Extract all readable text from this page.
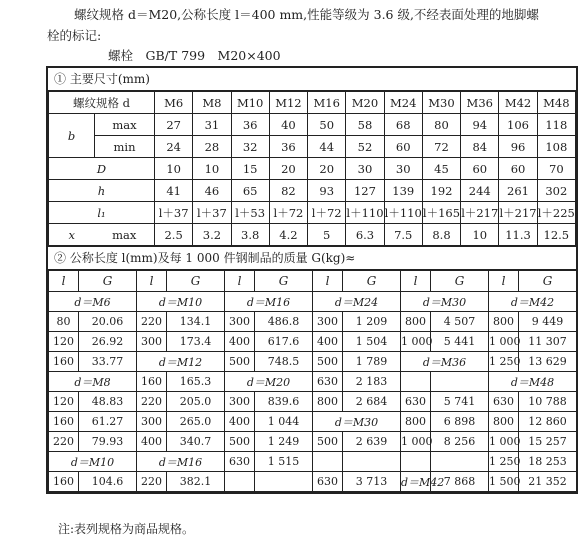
螺纹规格 d＝M20,公称长度 l＝400 mm,性能等级为 3.6 级,不经表面处理的地脚螺

栓的标记:

螺栓　GB/T 799　M20×400
① 主要尺寸(mm)
螺纹规格 d		M6	M8	M10	M12	M16	M20	M24	M30	M36	M42	M48
b	max	27	31	36	40	50	58	68	80	94	106	118
	min	24	28	32	36	44	52	60	72	84	96	108
D		10	10	15	20	20	30	30	45	60	60	70
h		41	46	65	82	93	127	139	192	244	261	302
l₁		l＋37	l＋37	l＋53	l＋72	l＋72	l＋110	l＋110	l＋165	l＋217	l＋217	l＋225
x	max	2.5	3.2	3.8	4.2	5	6.3	7.5	8.8	10	11.3	12.5
② 公称长度 l(mm)及每 1 000 件钢制品的质量 G(kg)≈
l	G	l	G	l	G	l	G	l	G	l	G
d＝M6		d＝M10		d＝M16		d＝M24		d＝M30		d＝M42	
80	20.06	220	134.1	300	486.8	300	1 209	800	4 507	800	9 449
120	26.92	300	173.4	400	617.6	400	1 504	1 000	5 441	1 000	11 307
160	33.77	d＝M12		500	748.5	500	1 789	d＝M36		1 250	13 629
d＝M8		160	165.3	d＝M20		630	2 183			d＝M48	
120	48.83	220	205.0	300	839.6	800	2 684	630	5 741	630	10 788
160	61.27	300	265.0	400	1 044	d＝M30		800	6 898	800	12 860
220	79.93	400	340.7	500	1 249	500	2 639	1 000	8 256	1 000	15 257
d＝M10		d＝M16		630	1 515					1 250	18 253
160	104.6	220	382.1			630	3 713	d＝M42	7 868	1 500	21 352
注:表列规格为商品规格。
